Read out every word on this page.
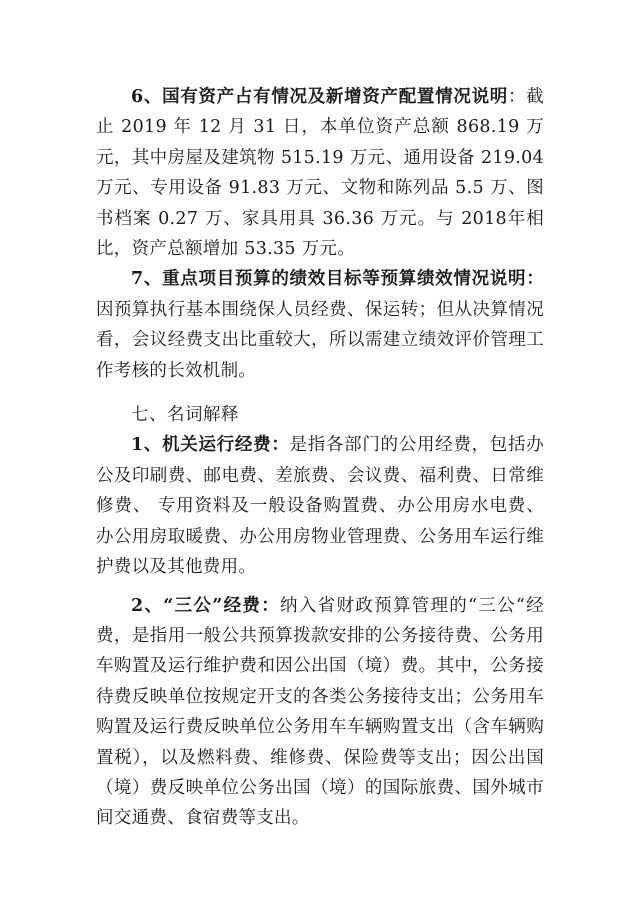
6、国有资产占有情况及新增资产配置情况说明：截止 2019 年 12 月 31 日，本单位资产总额 868.19 万元，其中房屋及建筑物 515.19 万元、通用设备 219.04 万元、专用设备 91.83 万元、文物和陈列品 5.5 万、图书档案 0.27 万、家具用具 36.36 万元。与 2018年相比，资产总额增加 53.35 万元。

7、重点项目预算的绩效目标等预算绩效情况说明：因预算执行基本围绕保人员经费、保运转；但从决算情况看，会议经费支出比重较大，所以需建立绩效评价管理工作考核的长效机制。

七、名词解释

1、机关运行经费：是指各部门的公用经费，包括办公及印刷费、邮电费、差旅费、会议费、福利费、日常维修费、 专用资料及一般设备购置费、办公用房水电费、办公用房取暖费、办公用房物业管理费、公务用车运行维护费以及其他费用。

2、“三公”经费：纳入省财政预算管理的“三公“经费，是指用一般公共预算拨款安排的公务接待费、公务用车购置及运行维护费和因公出国（境）费。其中，公务接待费反映单位按规定开支的各类公务接待支出；公务用车购置及运行费反映单位公务用车车辆购置支出（含车辆购置税），以及燃料费、维修费、保险费等支出；因公出国（境）费反映单位公务出国（境）的国际旅费、国外城市间交通费、食宿费等支出。
